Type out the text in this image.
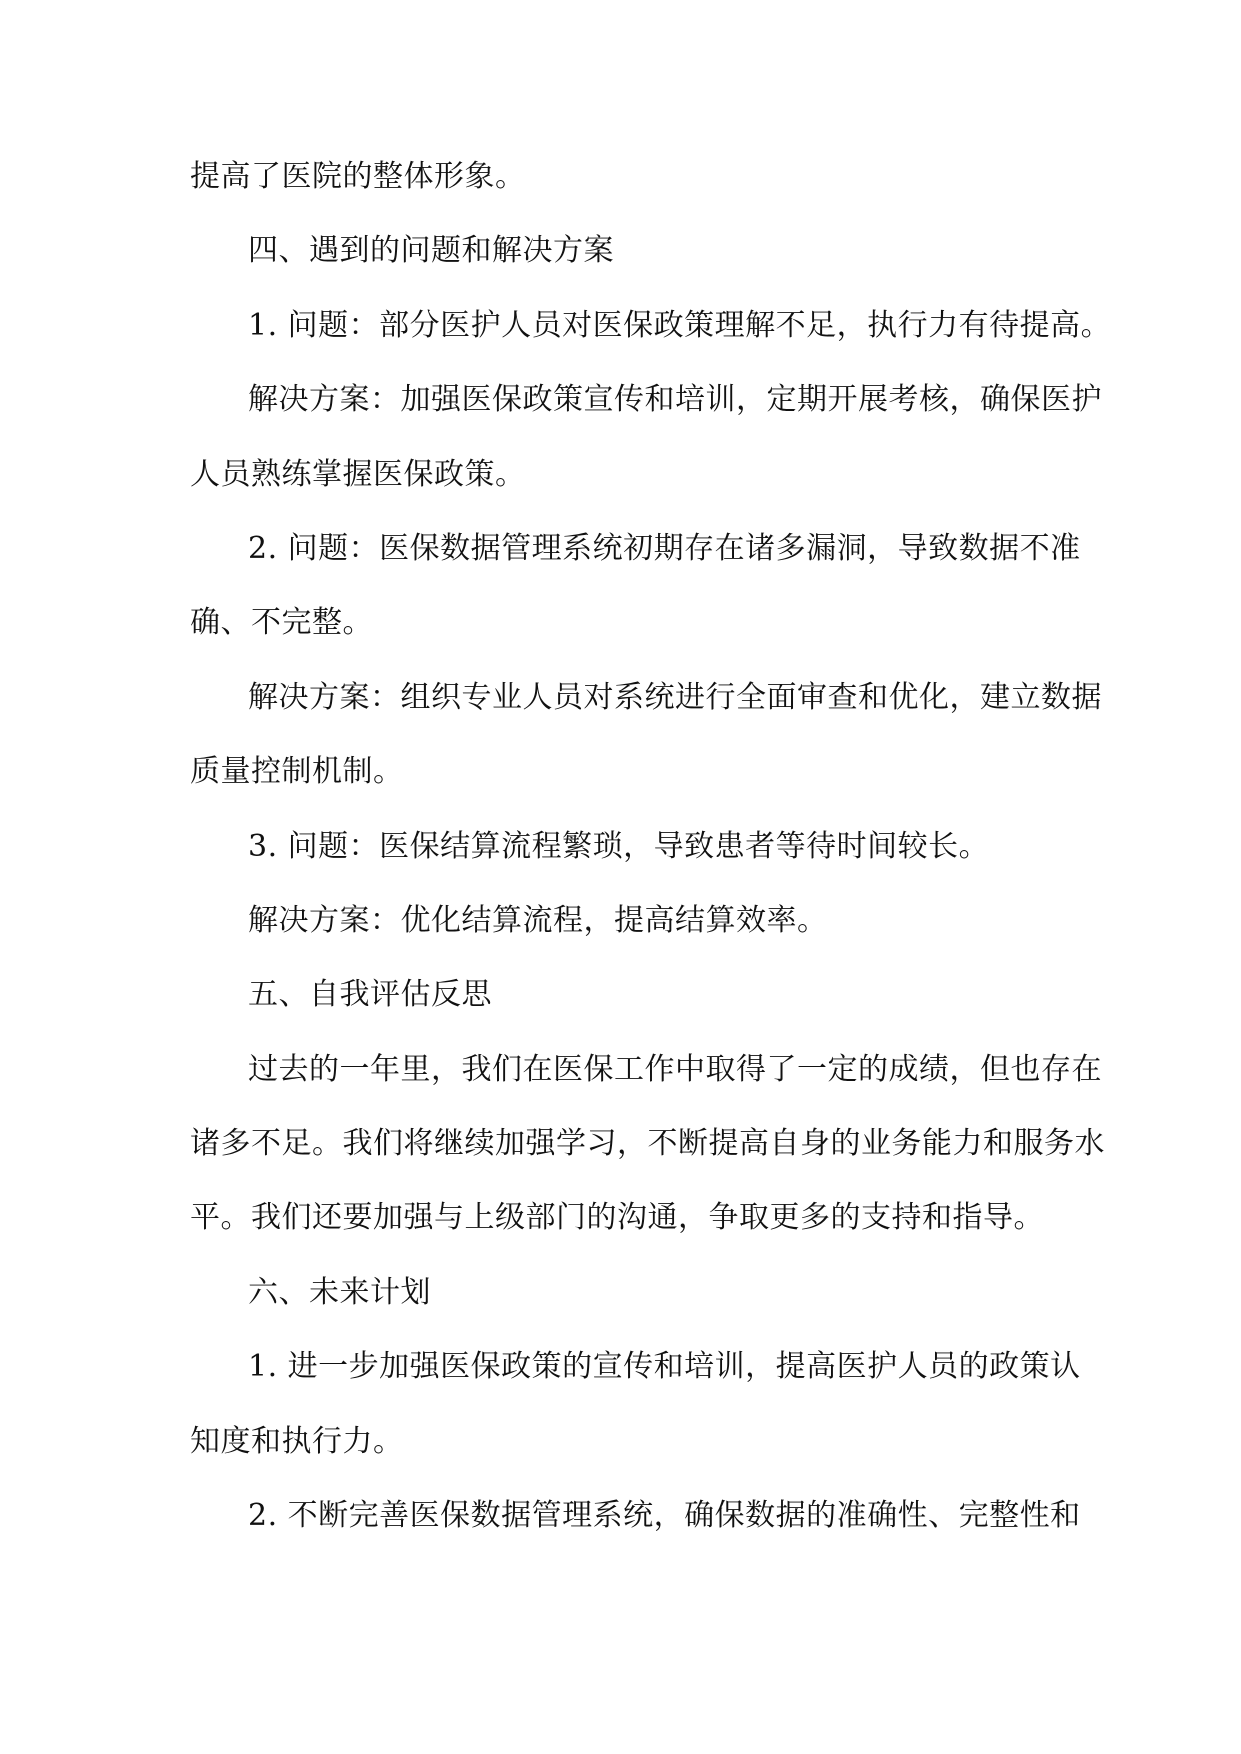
提高了医院的整体形象。
四、遇到的问题和解决方案
1. 问题：部分医护人员对医保政策理解不足，执行力有待提高。
解决方案：加强医保政策宣传和培训，定期开展考核，确保医护
人员熟练掌握医保政策。
2. 问题：医保数据管理系统初期存在诸多漏洞，导致数据不准
确、不完整。
解决方案：组织专业人员对系统进行全面审查和优化，建立数据
质量控制机制。
3. 问题：医保结算流程繁琐，导致患者等待时间较长。
解决方案：优化结算流程，提高结算效率。
五、自我评估反思
过去的一年里，我们在医保工作中取得了一定的成绩，但也存在
诸多不足。我们将继续加强学习，不断提高自身的业务能力和服务水
平。我们还要加强与上级部门的沟通，争取更多的支持和指导。
六、未来计划
1. 进一步加强医保政策的宣传和培训，提高医护人员的政策认
知度和执行力。
2. 不断完善医保数据管理系统，确保数据的准确性、完整性和
